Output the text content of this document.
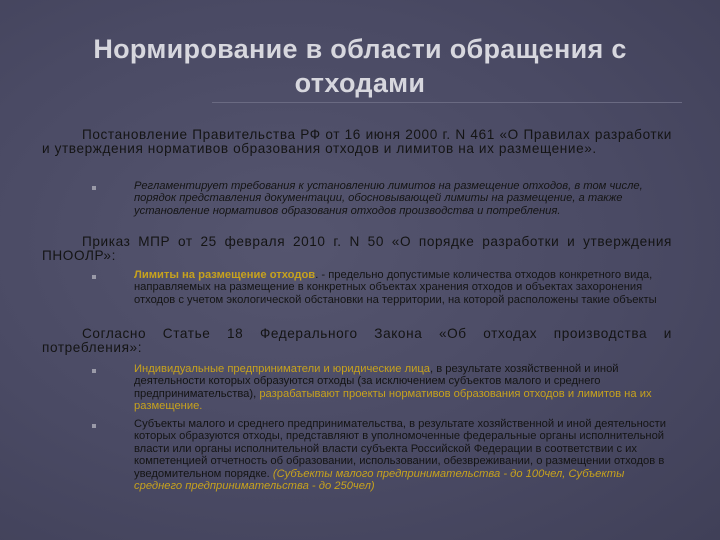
Нормирование в области обращения с
отходами
Постановление Правительства РФ от 16 июня 2000 г. N 461 «О Правилах разработки и утверждения нормативов образования отходов и лимитов на их размещение».
Регламентирует требования к установлению лимитов на размещение отходов, в том числе, порядок представления документации, обосновывающей лимиты на размещение, а также установление нормативов образования отходов производства и потребления.
Приказ МПР от 25 февраля 2010 г. N 50 «О порядке разработки и утверждения ПНООЛР»:
Лимиты на размещение отходов. - предельно допустимые количества отходов конкретного вида, направляемых на размещение в конкретных объектах хранения отходов и объектах захоронения отходов с учетом экологической обстановки на территории, на которой расположены такие объекты
Согласно Статье 18 Федерального Закона «Об отходах производства и потребления»:
Индивидуальные предприниматели и юридические лица, в результате хозяйственной и иной деятельности которых образуются отходы (за исключением субъектов малого и среднего предпринимательства), разрабатывают проекты нормативов образования отходов и лимитов на их размещение.
Субъекты малого и среднего предпринимательства, в результате хозяйственной и иной деятельности которых образуются отходы, представляют в уполномоченные федеральные органы исполнительной власти или органы исполнительной власти субъекта Российской Федерации в соответствии с их компетенцией отчетность об образовании, использовании, обезвреживании, о размещении отходов в уведомительном порядке. (Субъекты малого предпринимательства - до 100чел, Субъекты среднего предпринимательства - до 250чел)
